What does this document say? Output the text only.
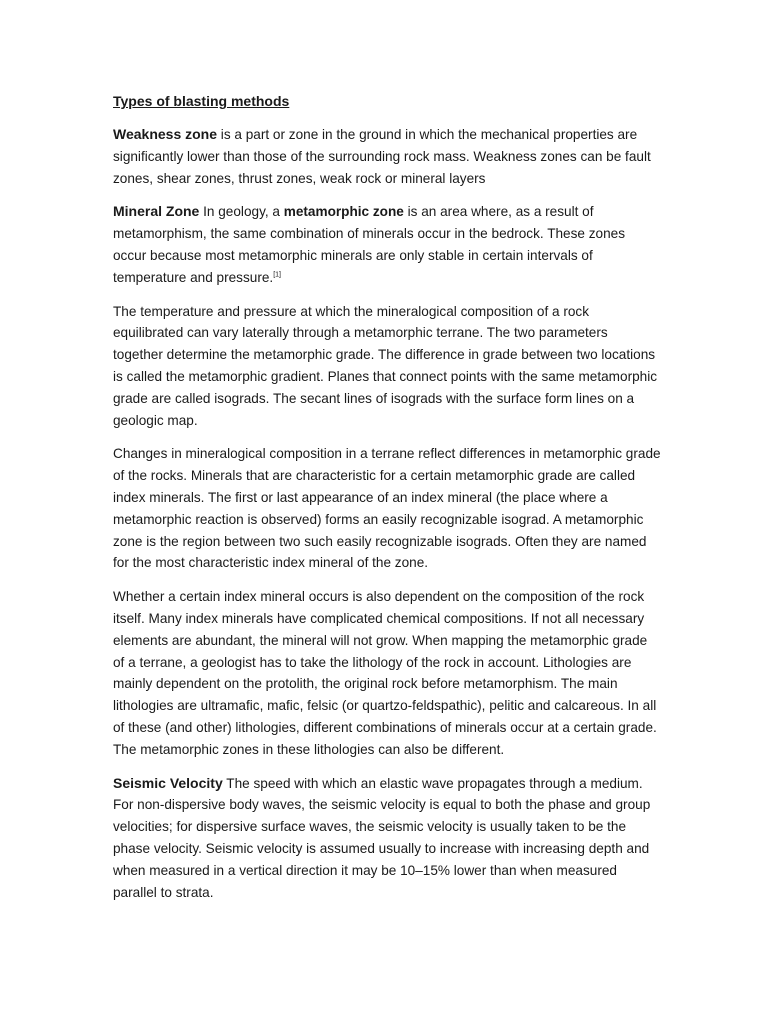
Types of blasting methods

Weakness zone is a part or zone in the ground in which the mechanical properties are significantly lower than those of the surrounding rock mass. Weakness zones can be fault zones, shear zones, thrust zones, weak rock or mineral layers

Mineral Zone In geology, a metamorphic zone is an area where, as a result of metamorphism, the same combination of minerals occur in the bedrock. These zones occur because most metamorphic minerals are only stable in certain intervals of temperature and pressure.[1]

The temperature and pressure at which the mineralogical composition of a rock equilibrated can vary laterally through a metamorphic terrane. The two parameters together determine the metamorphic grade. The difference in grade between two locations is called the metamorphic gradient. Planes that connect points with the same metamorphic grade are called isograds. The secant lines of isograds with the surface form lines on a geologic map.

Changes in mineralogical composition in a terrane reflect differences in metamorphic grade of the rocks. Minerals that are characteristic for a certain metamorphic grade are called index minerals. The first or last appearance of an index mineral (the place where a metamorphic reaction is observed) forms an easily recognizable isograd. A metamorphic zone is the region between two such easily recognizable isograds. Often they are named for the most characteristic index mineral of the zone.

Whether a certain index mineral occurs is also dependent on the composition of the rock itself. Many index minerals have complicated chemical compositions. If not all necessary elements are abundant, the mineral will not grow. When mapping the metamorphic grade of a terrane, a geologist has to take the lithology of the rock in account. Lithologies are mainly dependent on the protolith, the original rock before metamorphism. The main lithologies are ultramafic, mafic, felsic (or quartzo-feldspathic), pelitic and calcareous. In all of these (and other) lithologies, different combinations of minerals occur at a certain grade. The metamorphic zones in these lithologies can also be different.

Seismic Velocity The speed with which an elastic wave propagates through a medium. For non-dispersive body waves, the seismic velocity is equal to both the phase and group velocities; for dispersive surface waves, the seismic velocity is usually taken to be the phase velocity. Seismic velocity is assumed usually to increase with increasing depth and when measured in a vertical direction it may be 10–15% lower than when measured parallel to strata.
